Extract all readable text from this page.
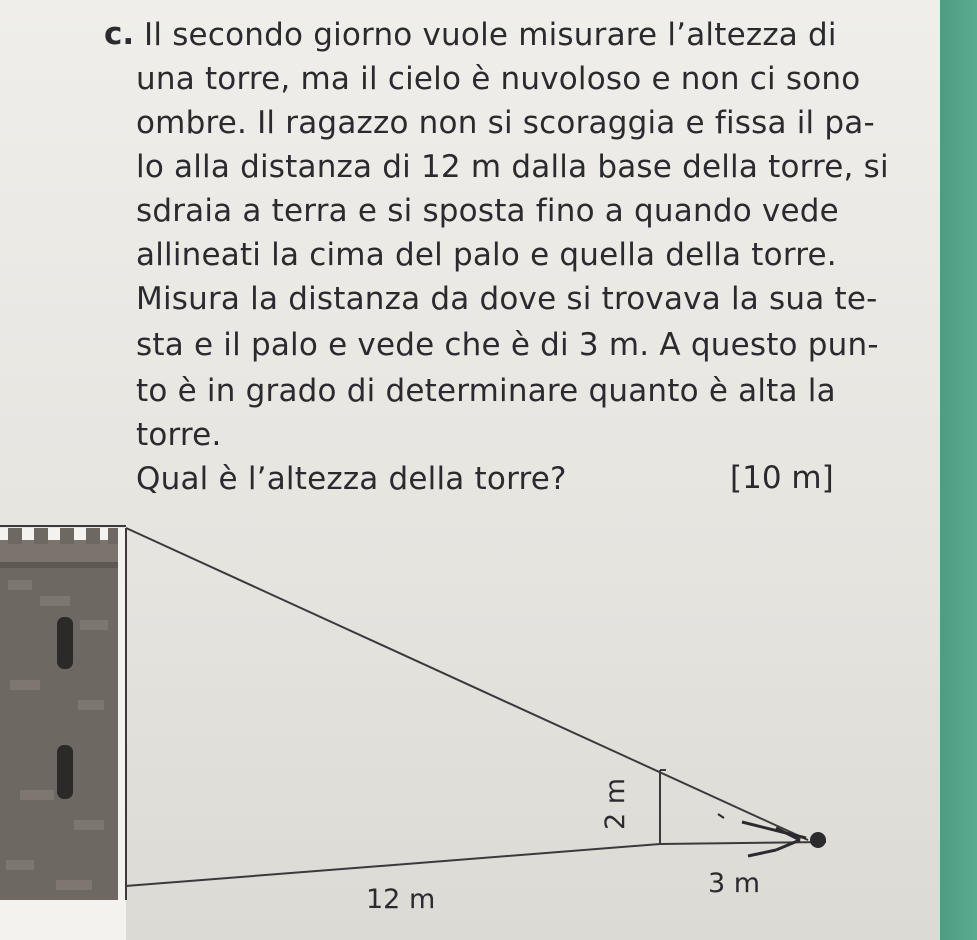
c. Il secondo giorno vuole misurare l’altezza di
una torre, ma il cielo è nuvoloso e non ci sono
ombre. Il ragazzo non si scoraggia e fissa il pa-
lo alla distanza di 12 m dalla base della torre, si
sdraia a terra e si sposta fino a quando vede
allineati la cima del palo e quella della torre.
Misura la distanza da dove si trovava la sua te-
sta e il palo e vede che è di 3 m. A questo pun-
to è in grado di determinare quanto è alta la
torre.
Qual è l’altezza della torre?	[10 m]
2 m
12 m
3 m
